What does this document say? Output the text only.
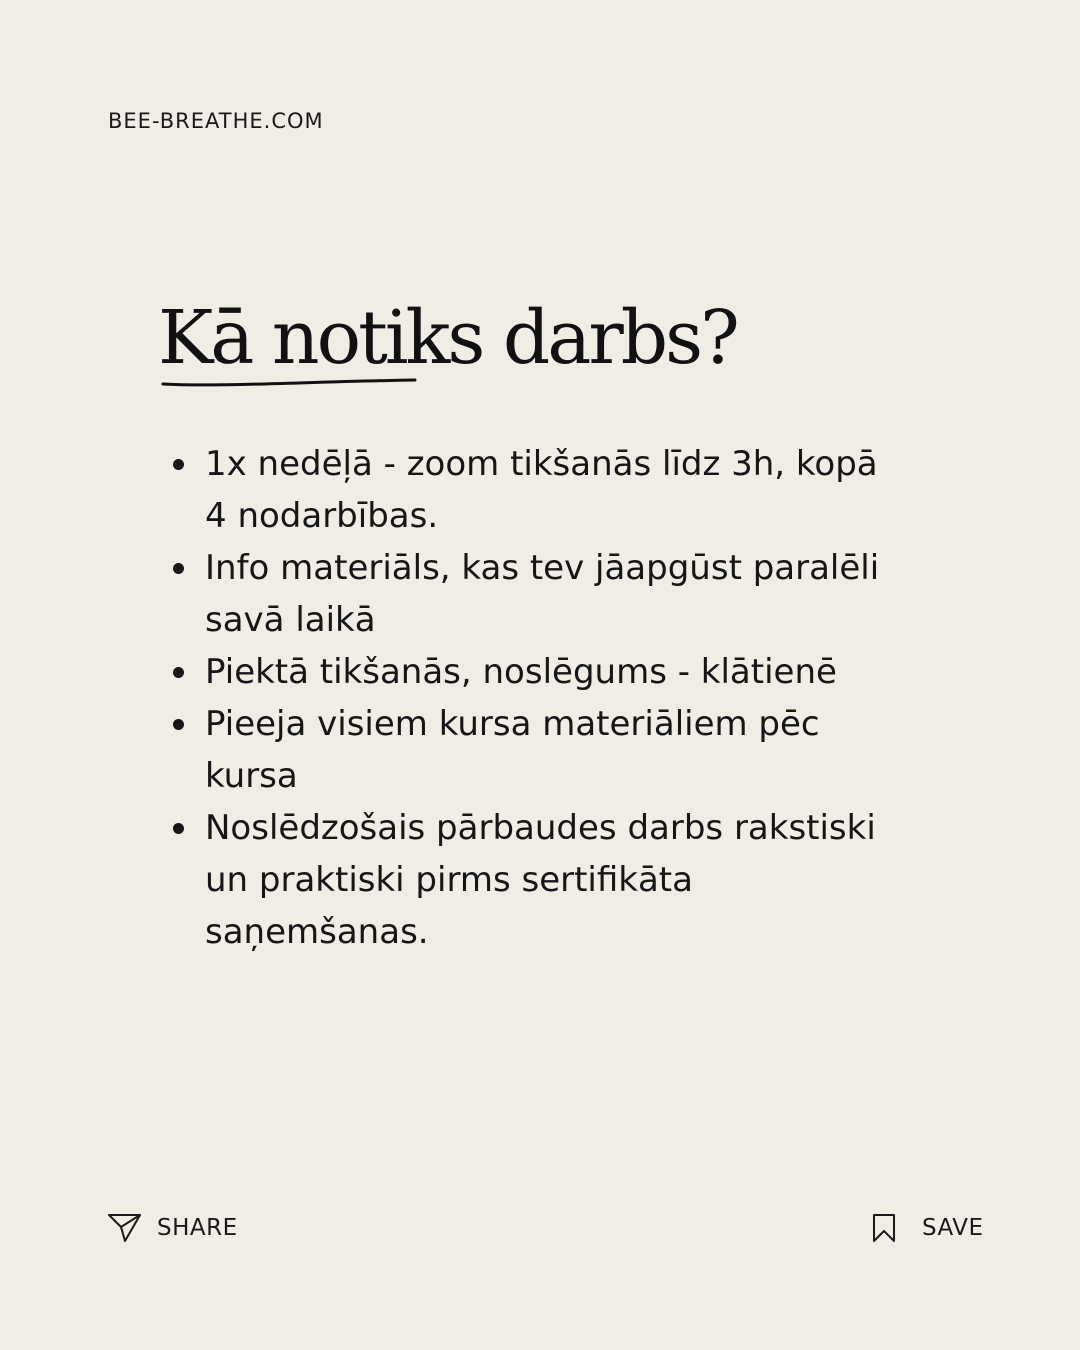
BEE-BREATHE.COM
Kā notiks darbs?
1x nedēļā - zoom tikšanās līdz 3h, kopā 4 nodarbības.
Info materiāls, kas tev jāapgūst paralēli savā laikā
Piektā tikšanās, noslēgums - klātienē
Pieeja visiem kursa materiāliem pēc kursa
Noslēdzošais pārbaudes darbs rakstiski un praktiski pirms sertifikāta saņemšanas.
SHARE	SAVE
